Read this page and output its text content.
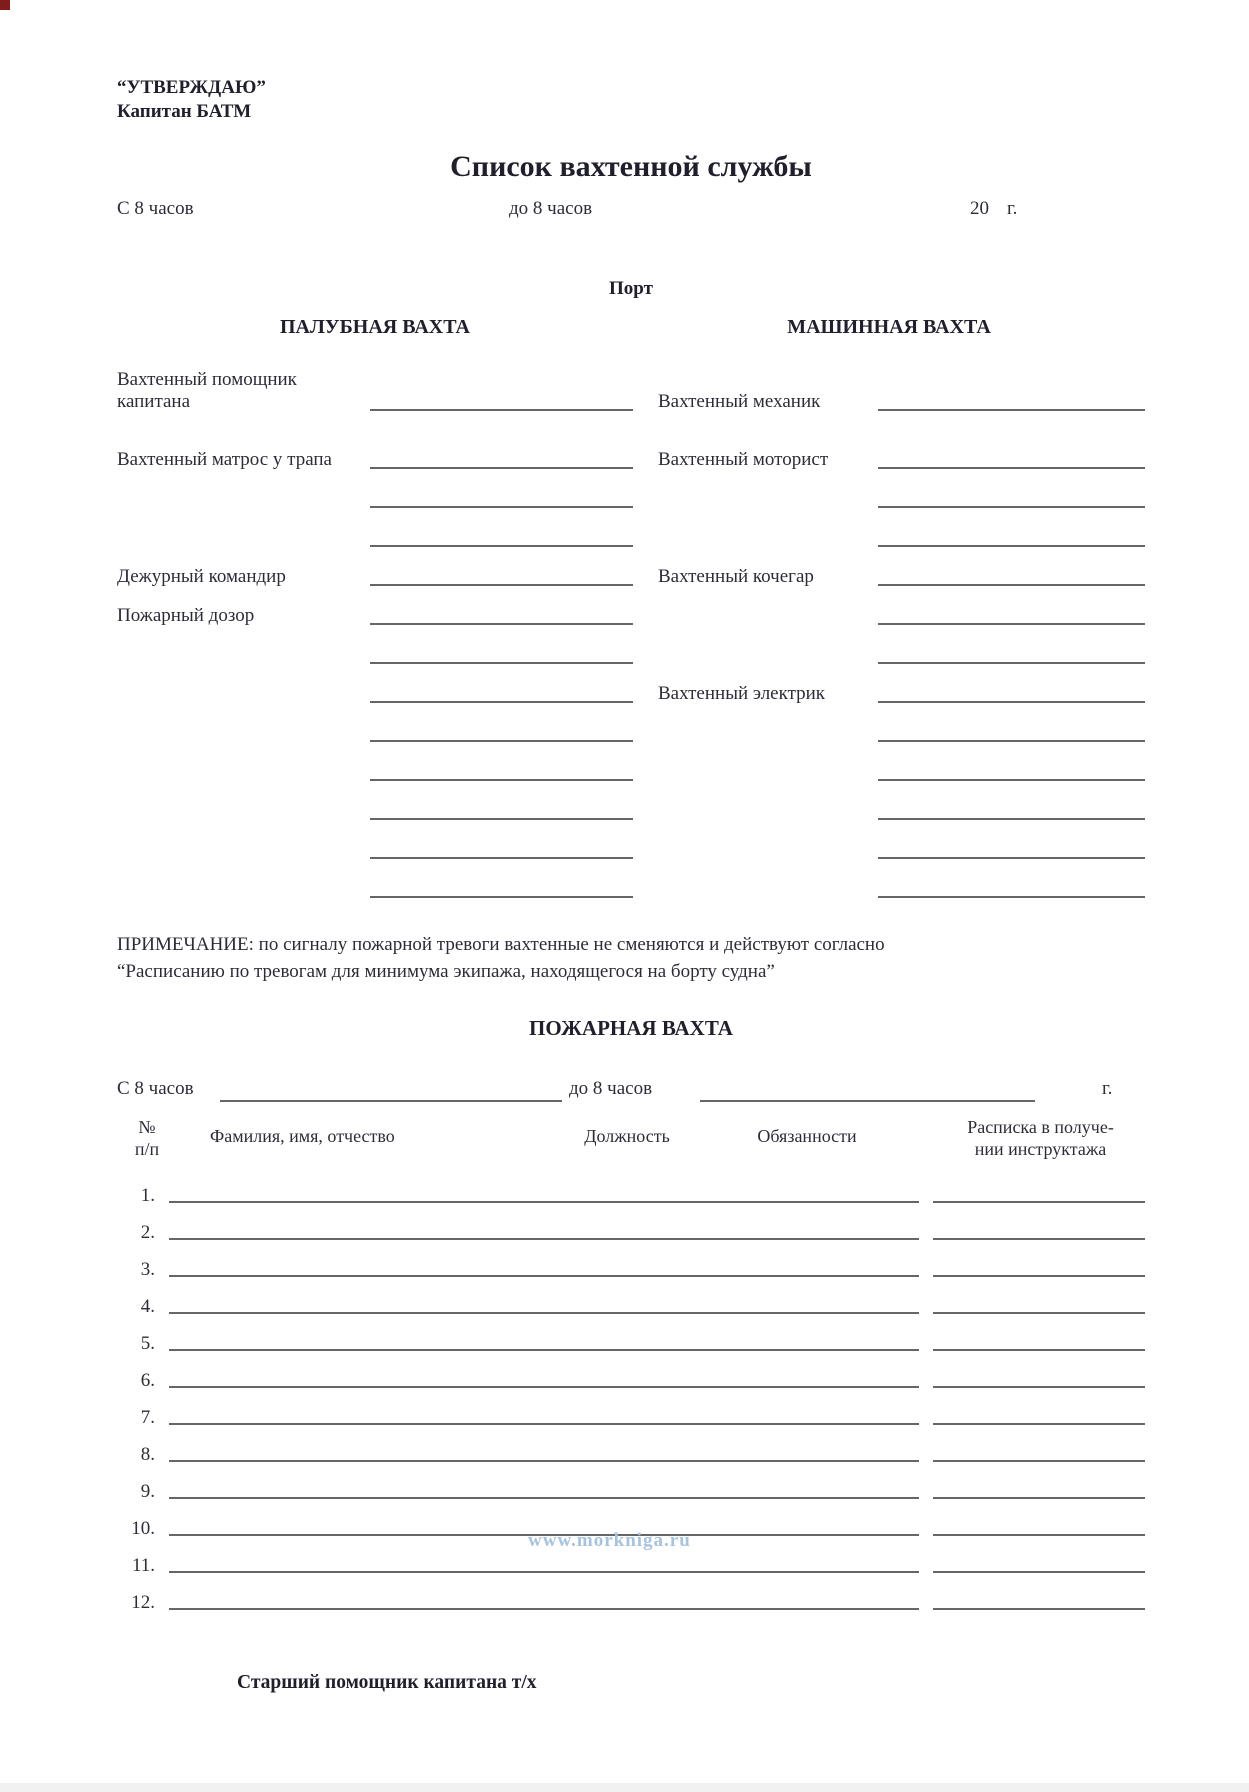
“УТВЕРЖДАЮ”
Капитан БАТМ
Список вахтенной службы
С 8 часов	до 8 часов	20 г.
Порт
ПАЛУБНАЯ ВАХТА
Вахтенный помощник капитана
Вахтенный матрос у трапа
Дежурный командир
Пожарный дозор
МАШИННАЯ ВАХТА
Вахтенный механик
Вахтенный моторист
Вахтенный кочегар
Вахтенный электрик
ПРИМЕЧАНИЕ: по сигналу пожарной тревоги вахтенные не сменяются и действуют согласно
“Расписанию по тревогам для минимума экипажа, находящегося на борту судна”
ПОЖАРНАЯ ВАХТА
С 8 часов	до 8 часов	г.
№
п/п
Фамилия, имя, отчество	Должность	Обязанности	Расписка в получе-
нии инструктажа
1.
2.
3.
4.
5.
6.
7.
8.
9.
10.
11.
12.
Старший помощник капитана т/х
www.morkniga.ru
